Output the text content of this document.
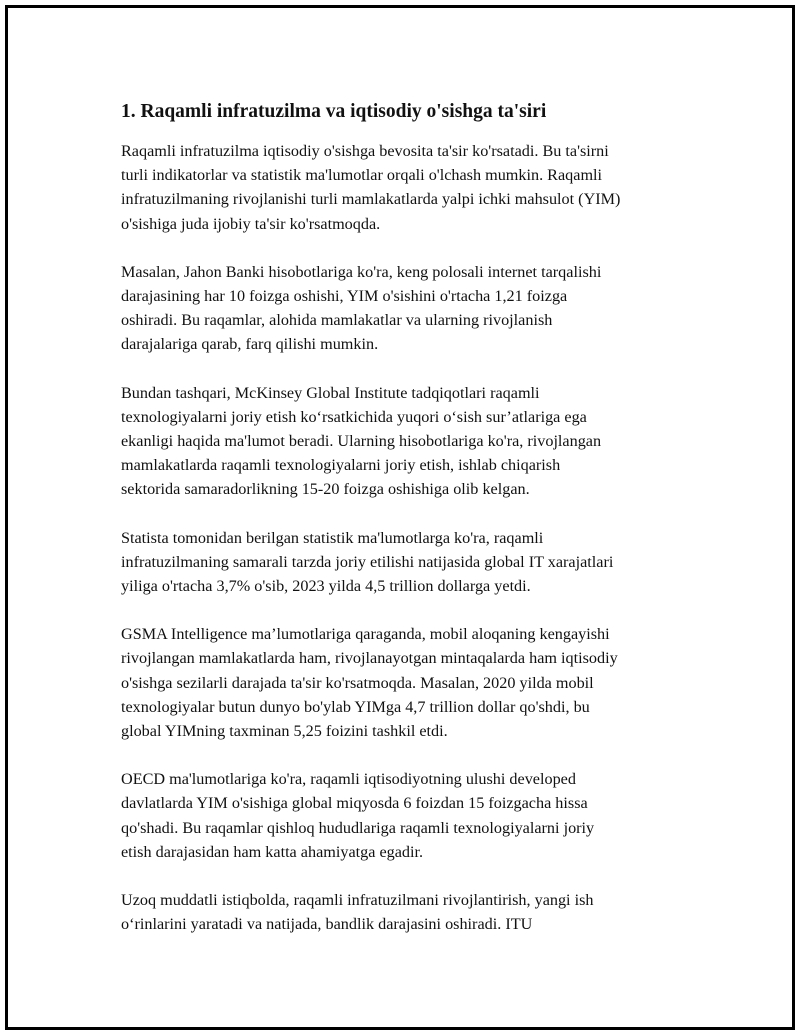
1. Raqamli infratuzilma va iqtisodiy o'sishga ta'siri

Raqamli infratuzilma iqtisodiy o'sishga bevosita ta'sir ko'rsatadi. Bu ta'sirni
turli indikatorlar va statistik ma'lumotlar orqali o'lchash mumkin. Raqamli
infratuzilmaning rivojlanishi turli mamlakatlarda yalpi ichki mahsulot (YIM)
o'sishiga juda ijobiy ta'sir ko'rsatmoqda.

Masalan, Jahon Banki hisobotlariga ko'ra, keng polosali internet tarqalishi
darajasining har 10 foizga oshishi, YIM o'sishini o'rtacha 1,21 foizga
oshiradi. Bu raqamlar, alohida mamlakatlar va ularning rivojlanish
darajalariga qarab, farq qilishi mumkin.

Bundan tashqari, McKinsey Global Institute tadqiqotlari raqamli
texnologiyalarni joriy etish ko‘rsatkichida yuqori o‘sish sur’atlariga ega
ekanligi haqida ma'lumot beradi. Ularning hisobotlariga ko'ra, rivojlangan
mamlakatlarda raqamli texnologiyalarni joriy etish, ishlab chiqarish
sektorida samaradorlikning 15-20 foizga oshishiga olib kelgan.

Statista tomonidan berilgan statistik ma'lumotlarga ko'ra, raqamli
infratuzilmaning samarali tarzda joriy etilishi natijasida global IT xarajatlari
yiliga o'rtacha 3,7% o'sib, 2023 yilda 4,5 trillion dollarga yetdi.

GSMA Intelligence ma’lumotlariga qaraganda, mobil aloqaning kengayishi
rivojlangan mamlakatlarda ham, rivojlanayotgan mintaqalarda ham iqtisodiy
o'sishga sezilarli darajada ta'sir ko'rsatmoqda. Masalan, 2020 yilda mobil
texnologiyalar butun dunyo bo'ylab YIMga 4,7 trillion dollar qo'shdi, bu
global YIMning taxminan 5,25 foizini tashkil etdi.

OECD ma'lumotlariga ko'ra, raqamli iqtisodiyotning ulushi developed
davlatlarda YIM o'sishiga global miqyosda 6 foizdan 15 foizgacha hissa
qo'shadi. Bu raqamlar qishloq hududlariga raqamli texnologiyalarni joriy
etish darajasidan ham katta ahamiyatga egadir.

Uzoq muddatli istiqbolda, raqamli infratuzilmani rivojlantirish, yangi ish
o‘rinlarini yaratadi va natijada, bandlik darajasini oshiradi. ITU
